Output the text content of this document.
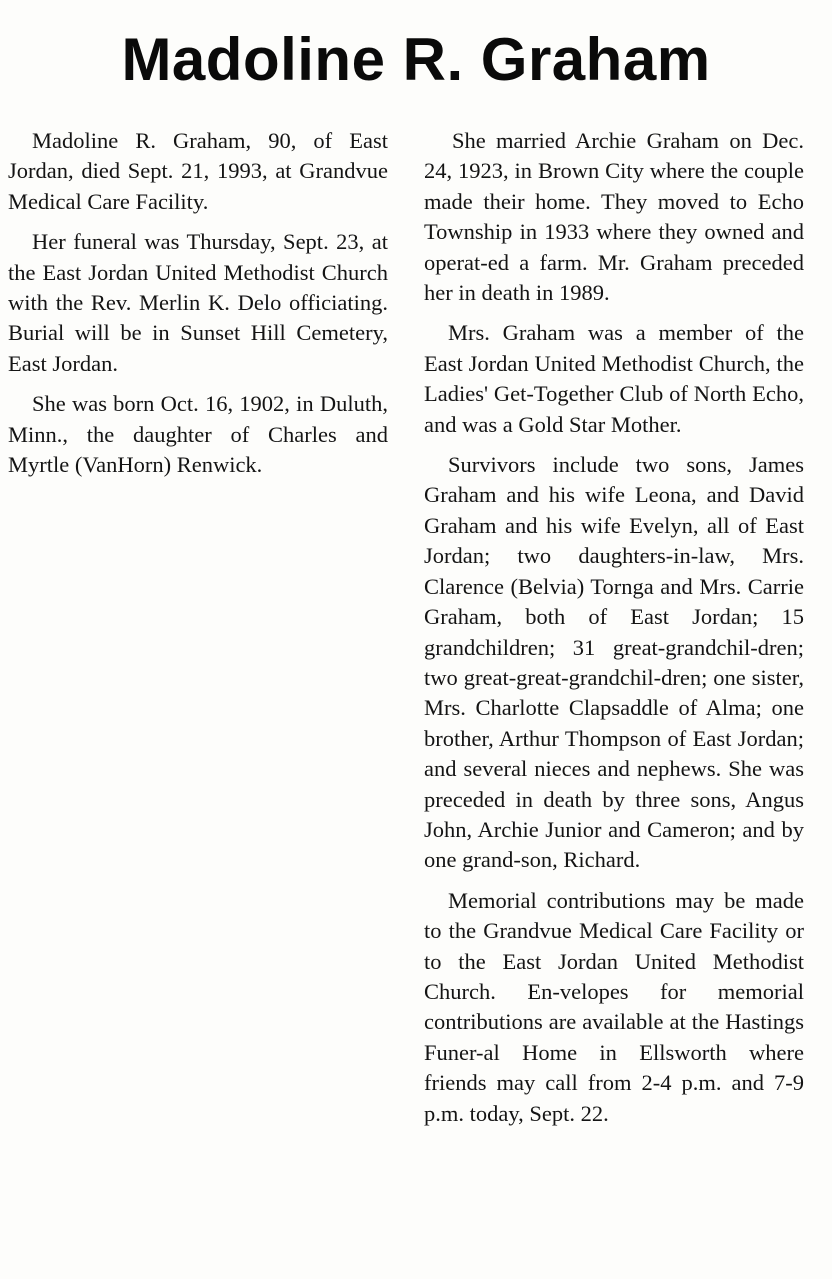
Madoline R. Graham

Madoline R. Graham, 90, of East Jordan, died Sept. 21, 1993, at Grandvue Medical Care Facility.

Her funeral was Thursday, Sept. 23, at the East Jordan United Methodist Church with the Rev. Merlin K. Delo officiating. Burial will be in Sunset Hill Cemetery, East Jordan.

She was born Oct. 16, 1902, in Duluth, Minn., the daughter of Charles and Myrtle (VanHorn) Renwick.

She married Archie Graham on Dec. 24, 1923, in Brown City where the couple made their home. They moved to Echo Township in 1933 where they owned and operat-ed a farm. Mr. Graham preceded her in death in 1989.

Mrs. Graham was a member of the East Jordan United Methodist Church, the Ladies' Get-Together Club of North Echo, and was a Gold Star Mother.

Survivors include two sons, James Graham and his wife Leona, and David Graham and his wife Evelyn, all of East Jordan; two daughters-in-law, Mrs. Clarence (Belvia) Tornga and Mrs. Carrie Graham, both of East Jordan; 15 grandchildren; 31 great-grandchil-dren; two great-great-grandchil-dren; one sister, Mrs. Charlotte Clapsaddle of Alma; one brother, Arthur Thompson of East Jordan; and several nieces and nephews. She was preceded in death by three sons, Angus John, Archie Junior and Cameron; and by one grand-son, Richard.

Memorial contributions may be made to the Grandvue Medical Care Facility or to the East Jordan United Methodist Church. En-velopes for memorial contributions are available at the Hastings Funer-al Home in Ellsworth where friends may call from 2-4 p.m. and 7-9 p.m. today, Sept. 22.
